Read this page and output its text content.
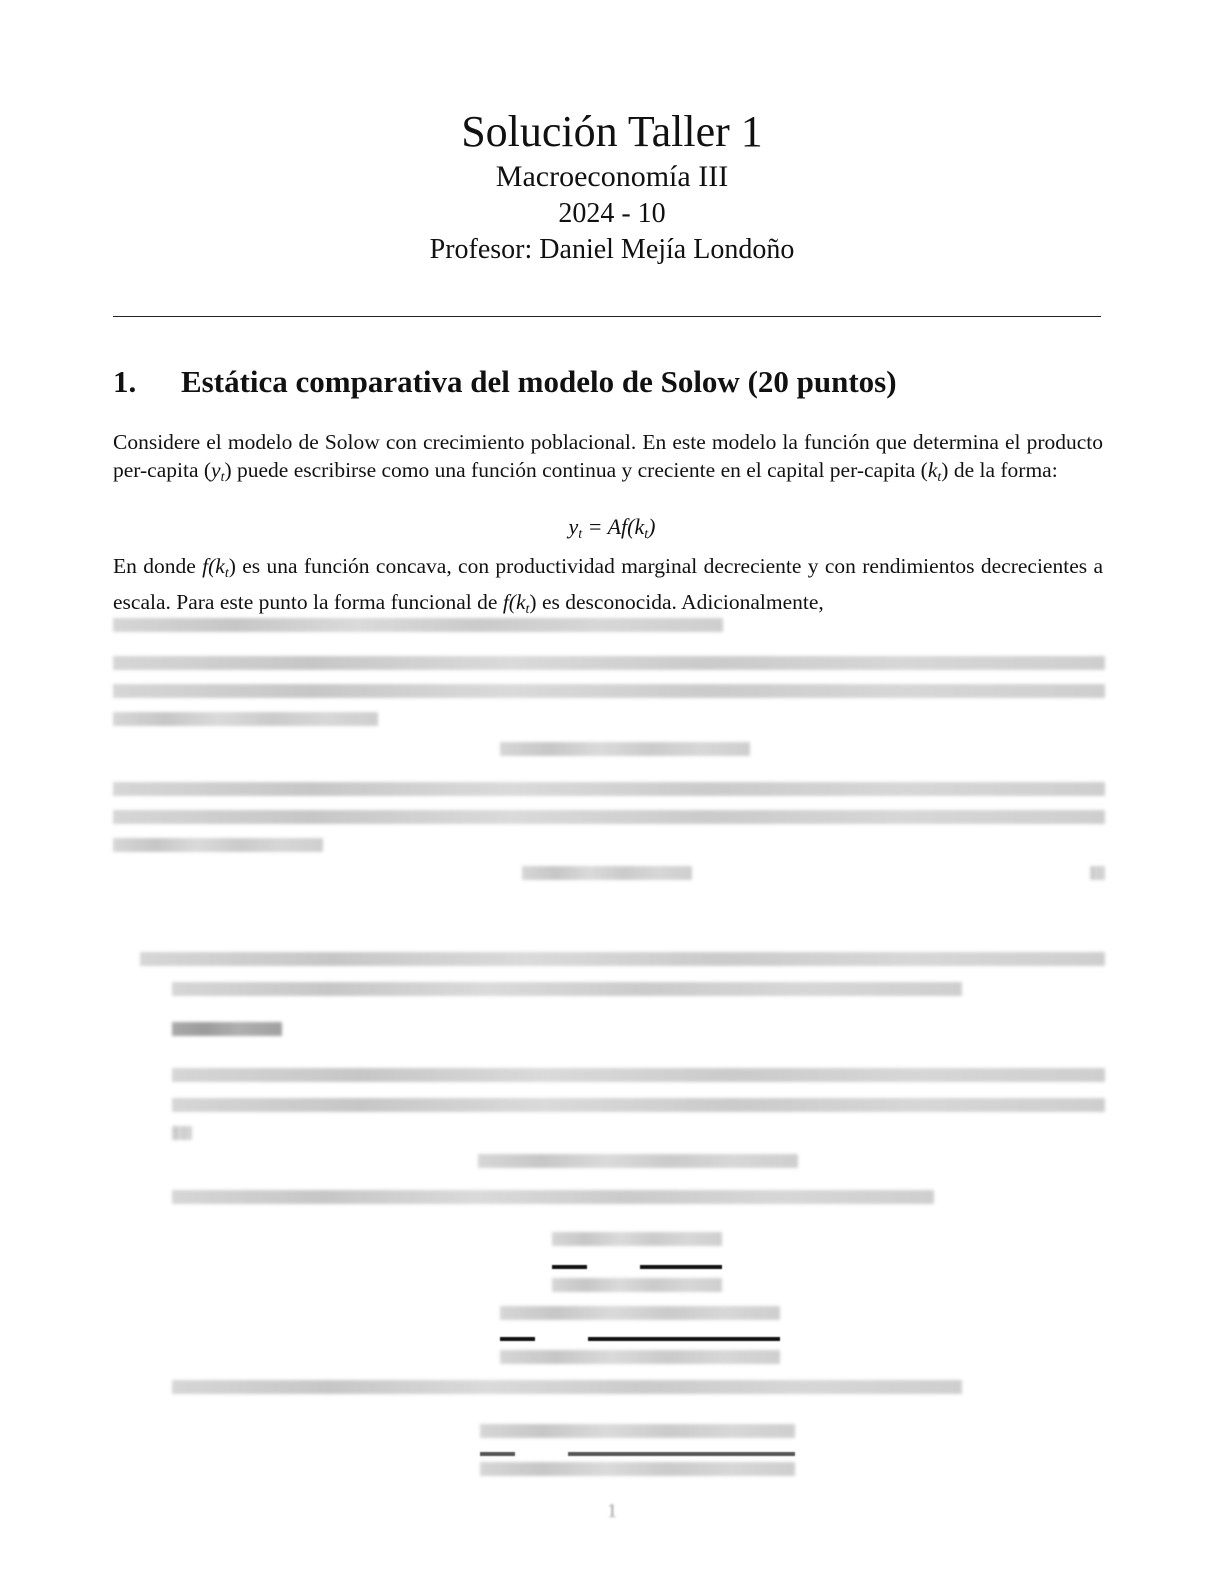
Solución Taller 1
Macroeconomía III
2024 - 10
Profesor: Daniel Mejía Londoño
1. Estática comparativa del modelo de Solow (20 puntos)
Considere el modelo de Solow con crecimiento poblacional. En este modelo la función que determina el producto per-capita $(y_t)$ puede escribirse como una función continua y creciente en el capital per-capita $(k_t)$ de la forma:
$y_t = Af(k_t)$
En donde $f(k_t)$ es una función concava, con productividad marginal decreciente y con rendimientos decrecientes a escala. Para este punto la forma funcional de $f(k_t)$ es desconocida. Adicionalmente,
1
